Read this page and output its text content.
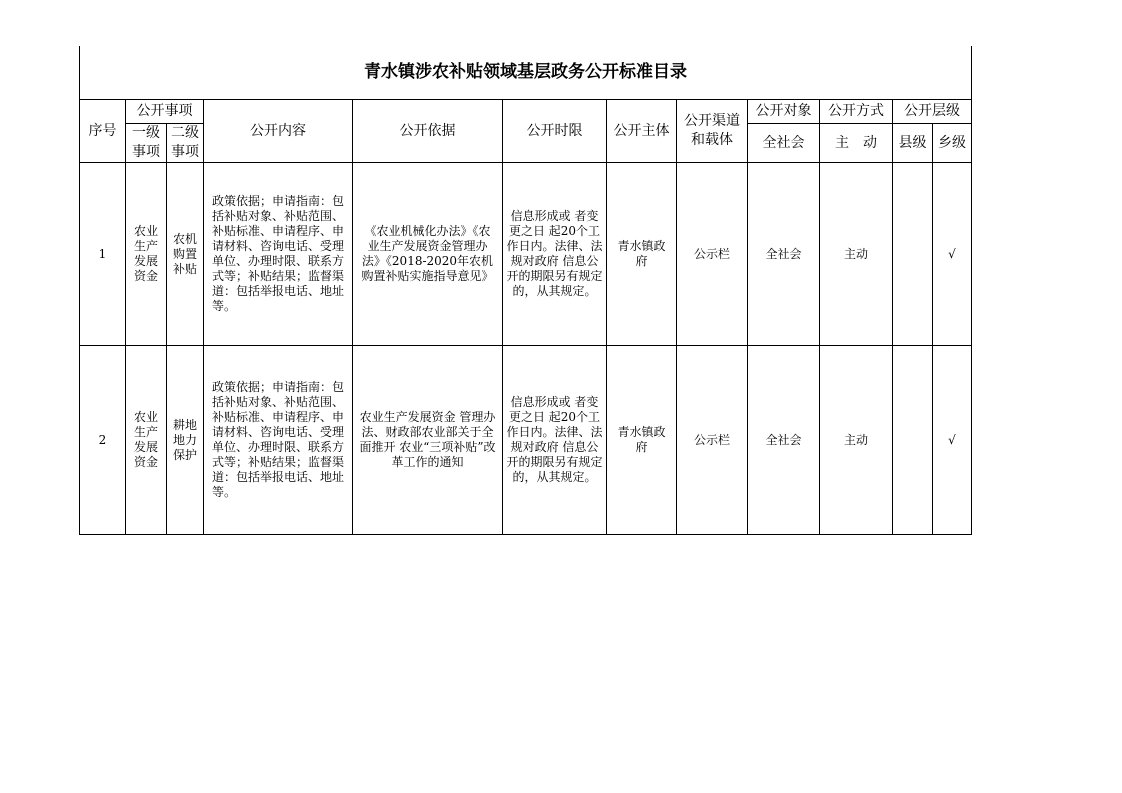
青水镇涉农补贴领域基层政务公开标准目录											
序号	公开事项		公开内容	公开依据	公开时限	公开主体	公开渠道和载体	公开对象	公开方式	公开层级	

	一级事项	二级事项						全社会	主　动	县级	乡级
1	农业生产发展资金	农机购置补贴	政策依据；申请指南：包括补贴对象、补贴范围、补贴标准、申请程序、申请材料、咨询电话、受理单位、办理时限、联系方式等；补贴结果；监督渠道：包括举报电话、地址等。	《农业机械化办法》《农业生产发展资金管理办法》《2018-2020年农机购置补贴实施指导意见》	信息形成或 者变更之日 起20个工作日内。法律、法规对政府 信息公开的期限另有规定的，从其规定。	青水镇政府	公示栏	全社会	主动		√
2	农业生产发展资金	耕地地力保护	政策依据；申请指南：包括补贴对象、补贴范围、补贴标准、申请程序、申请材料、咨询电话、受理单位、办理时限、联系方式等；补贴结果；监督渠道：包括举报电话、地址等。	农业生产发展资金 管理办法、财政部农业部关于全面推开 农业“三项补贴”改革工作的通知	信息形成或 者变更之日 起20个工作日内。法律、法规对政府 信息公开的期限另有规定的，从其规定。	青水镇政府	公示栏	全社会	主动		√
